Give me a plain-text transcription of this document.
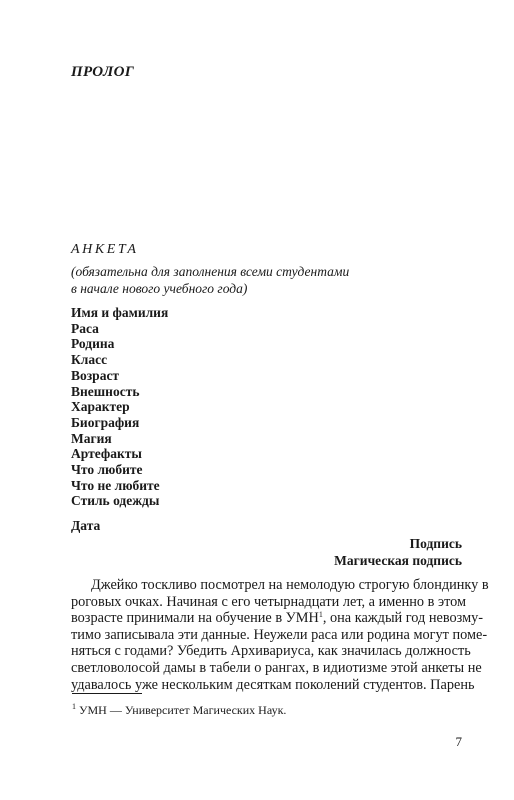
ПРОЛОГ
АНКЕТА
(обязательна для заполнения всеми студентами
в начале нового учебного года)
Имя и фамилия
Раса
Родина
Класс
Возраст
Внешность
Характер
Биография
Магия
Артефакты
Что любите
Что не любите
Стиль одежды
Дата
Подпись
Магическая подпись
Джейко тоскливо посмотрел на немолодую строгую блондинку в
роговых очках. Начиная с его четырнадцати лет, а именно в этом
возрасте принимали на обучение в УМН$^1$, она каждый год невозму-
тимо записывала эти данные. Неужели раса или родина могут поме-
няться с годами? Убедить Архивариуса, как значилась должность
светловолосой дамы в табели о рангах, в идиотизме этой анкеты не
удавалось уже нескольким десяткам поколений студентов. Парень
$^1$ УМН — Университет Магических Наук.
7
